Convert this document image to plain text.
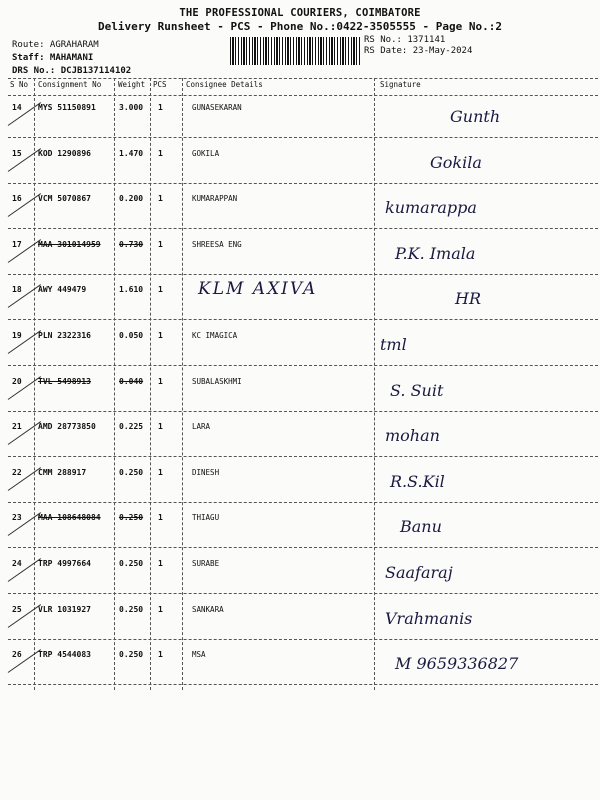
THE PROFESSIONAL COURIERS, COIMBATORE
Delivery Runsheet - PCS - Phone No.:0422-3505555 - Page No.:2
Route: AGRAHARAM
Staff: MAHAMANI
DRS No.: DCJB137114102
RS No.: 1371141
RS Date: 23-May-2024
S No Consignment No Weight PCS	Consignee Details	Signature
14 MYS 51150891	3.000 1	GUNASEKARAN	Gunth
15 KOD 1290896	1.470 1	GOKILA	Gokila
16 VCM 5070867	0.200 1	KUMARAPPAN	kumarappa
17 MAA 301014959 0.730 1	SHREESA ENG	P.K. Imala
18 AWY 449479	1.610 1 KLM AXIVA	HR
19 PLN 2322316	0.050 1	KC IMAGICA	tml
20 TVL 5498913	0.040 1	SUBALASKHMI	S. Suit
21 AMD 28773850	0.225 1	LARA	mohan
22 CMM 288917	0.250 1	DINESH	R.S.Kil
23 MAA 108648084 0.250 1	THIAGU	Banu
24 TRP 4997664	0.250 1	SURABE	Saafaraj
25 VLR 1031927	0.250 1	SANKARA	Vrahmanis
26 TRP 4544083	0.250 1	MSA	M 9659336827
